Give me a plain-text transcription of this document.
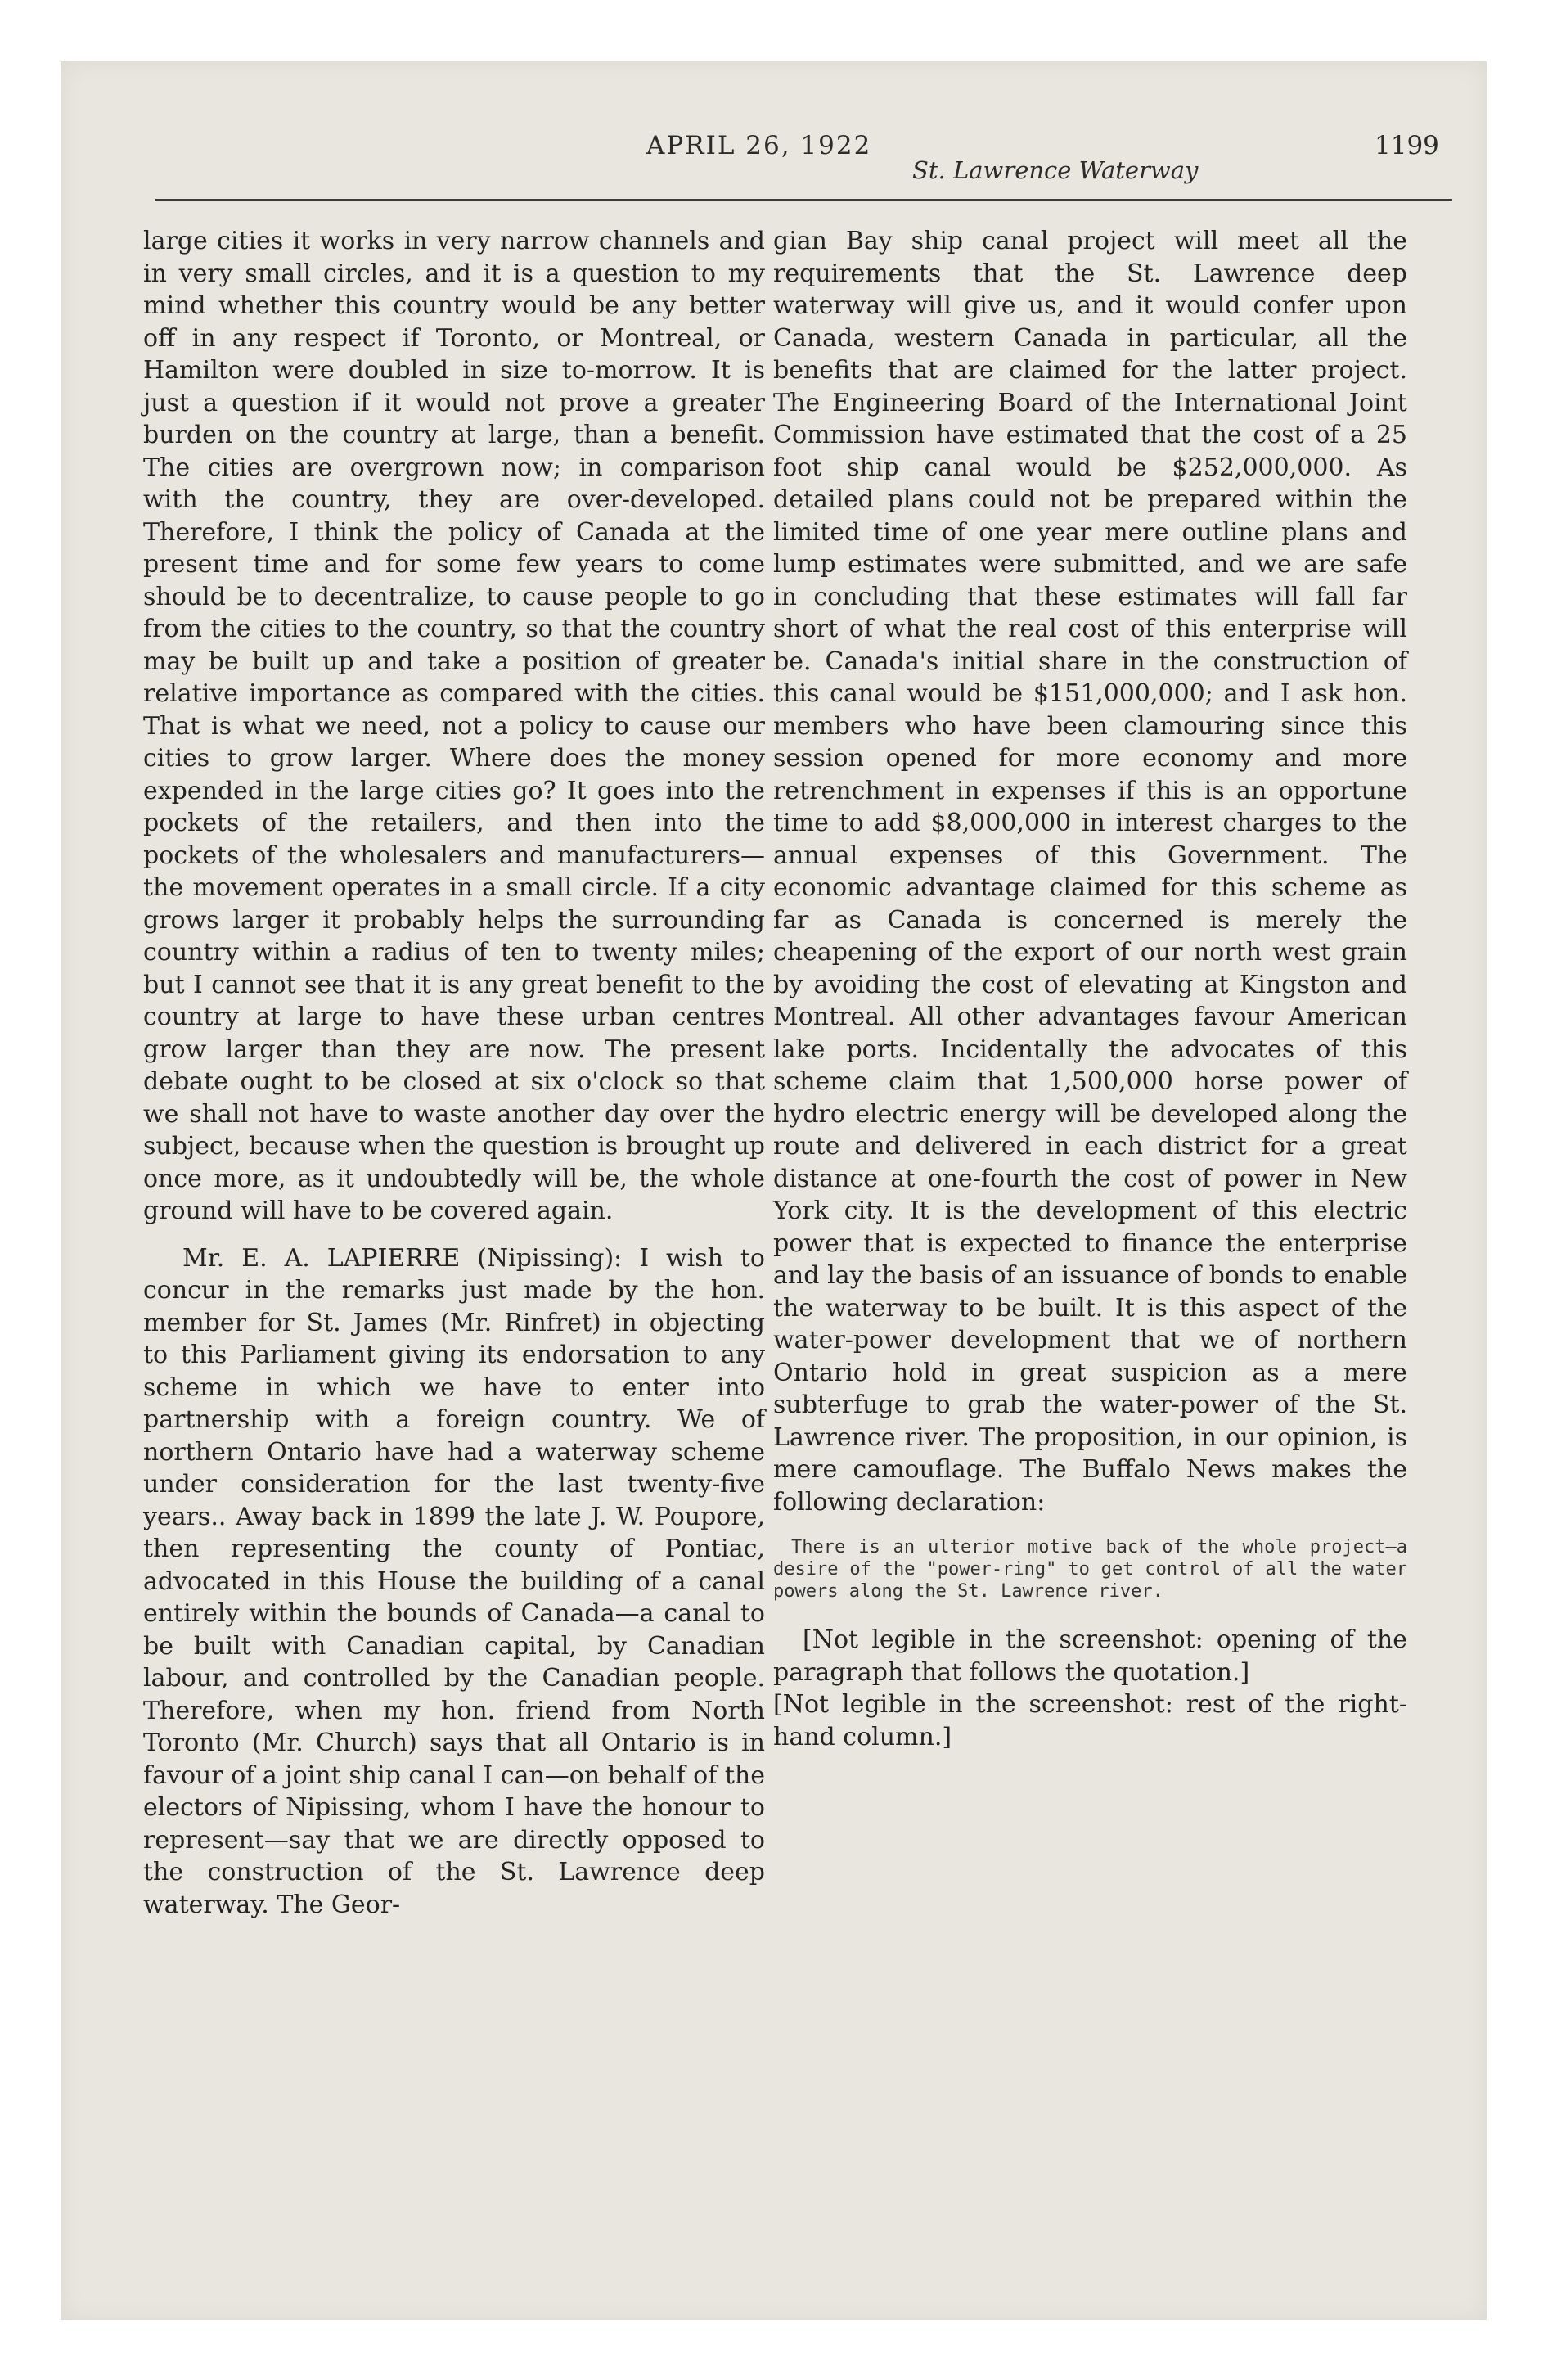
APRIL 26, 1922
St. Lawrence Waterway
1199

large cities it works in very narrow channels and in very small circles, and it is a question to my mind whether this country would be any better off in any respect if Toronto, or Montreal, or Hamilton were doubled in size to-morrow. It is just a question if it would not prove a greater burden on the country at large, than a benefit. The cities are overgrown now; in comparison with the country, they are over-developed. Therefore, I think the policy of Canada at the present time and for some few years to come should be to decentralize, to cause people to go from the cities to the country, so that the country may be built up and take a position of greater relative importance as compared with the cities. That is what we need, not a policy to cause our cities to grow larger. Where does the money expended in the large cities go? It goes into the pockets of the retailers, and then into the pockets of the wholesalers and manufacturers—the movement operates in a small circle. If a city grows larger it probably helps the surrounding country within a radius of ten to twenty miles; but I cannot see that it is any great benefit to the country at large to have these urban centres grow larger than they are now. The present debate ought to be closed at six o'clock so that we shall not have to waste another day over the subject, because when the question is brought up once more, as it undoubtedly will be, the whole ground will have to be covered again.

Mr. E. A. LAPIERRE (Nipissing): I wish to concur in the remarks just made by the hon. member for St. James (Mr. Rinfret) in objecting to this Parliament giving its endorsation to any scheme in which we have to enter into partnership with a foreign country. We of northern Ontario have had a waterway scheme under consideration for the last twenty-five years.. Away back in 1899 the late J. W. Poupore, then representing the county of Pontiac, advocated in this House the building of a canal entirely within the bounds of Canada—a canal to be built with Canadian capital, by Canadian labour, and controlled by the Canadian people. Therefore, when my hon. friend from North Toronto (Mr. Church) says that all Ontario is in favour of a joint ship canal I can—on behalf of the electors of Nipissing, whom I have the honour to represent—say that we are directly opposed to the construction of the St. Lawrence deep waterway. The Geor-

gian Bay ship canal project will meet all the requirements that the St. Lawrence deep waterway will give us, and it would confer upon Canada, western Canada in particular, all the benefits that are claimed for the latter project. The Engineering Board of the International Joint Commission have estimated that the cost of a 25 foot ship canal would be $252,000,000. As detailed plans could not be prepared within the limited time of one year mere outline plans and lump estimates were submitted, and we are safe in concluding that these estimates will fall far short of what the real cost of this enterprise will be. Canada's initial share in the construction of this canal would be $151,000,000; and I ask hon. members who have been clamouring since this session opened for more economy and more retrenchment in expenses if this is an opportune time to add $8,000,000 in interest charges to the annual expenses of this Government. The economic advantage claimed for this scheme as far as Canada is concerned is merely the cheapening of the export of our north west grain by avoiding the cost of elevating at Kingston and Montreal. All other advantages favour American lake ports. Incidentally the advocates of this scheme claim that 1,500,000 horse power of hydro electric energy will be developed along the route and delivered in each district for a great distance at one-fourth the cost of power in New York city. It is the development of this electric power that is expected to finance the enterprise and lay the basis of an issuance of bonds to enable the waterway to be built. It is this aspect of the water-power development that we of northern Ontario hold in great suspicion as a mere subterfuge to grab the water-power of the St. Lawrence river. The proposition, in our opinion, is mere camouflage. The Buffalo News makes the following declaration:

There is an ulterior motive back of the whole project—a desire of the "power-ring" to get control of all the water powers along the St. Lawrence river.

[Not legible in the screenshot: opening of the paragraph that follows the quotation.]

[Not legible in the screenshot: rest of the right-hand column.]
